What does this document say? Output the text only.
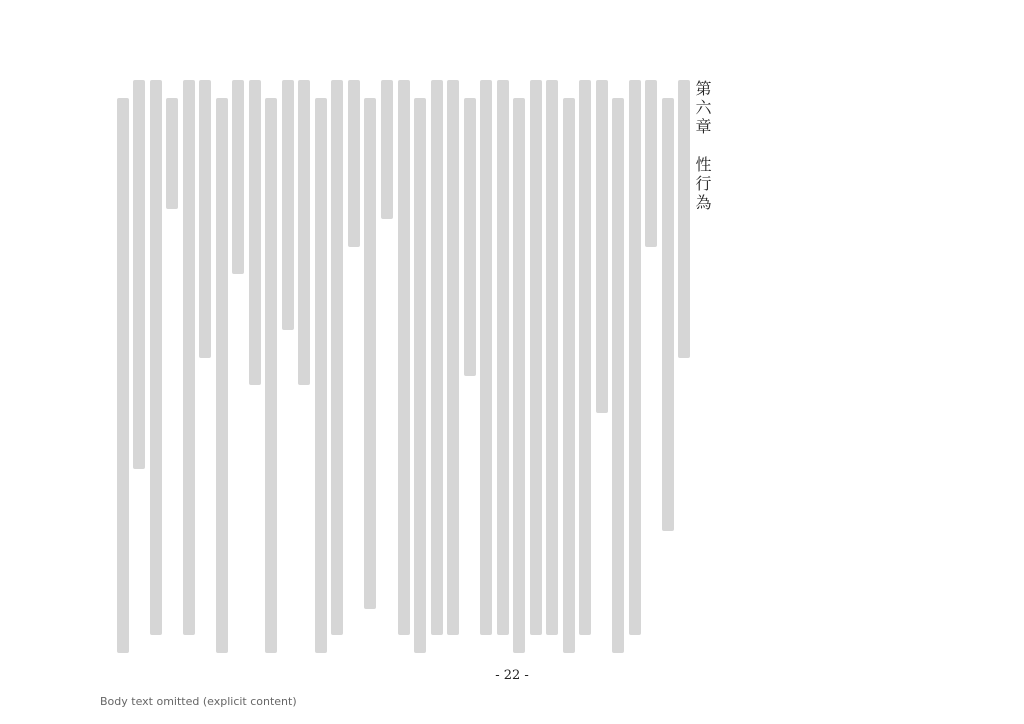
第六章　性行為
- 22 -
Body text omitted (explicit content)
